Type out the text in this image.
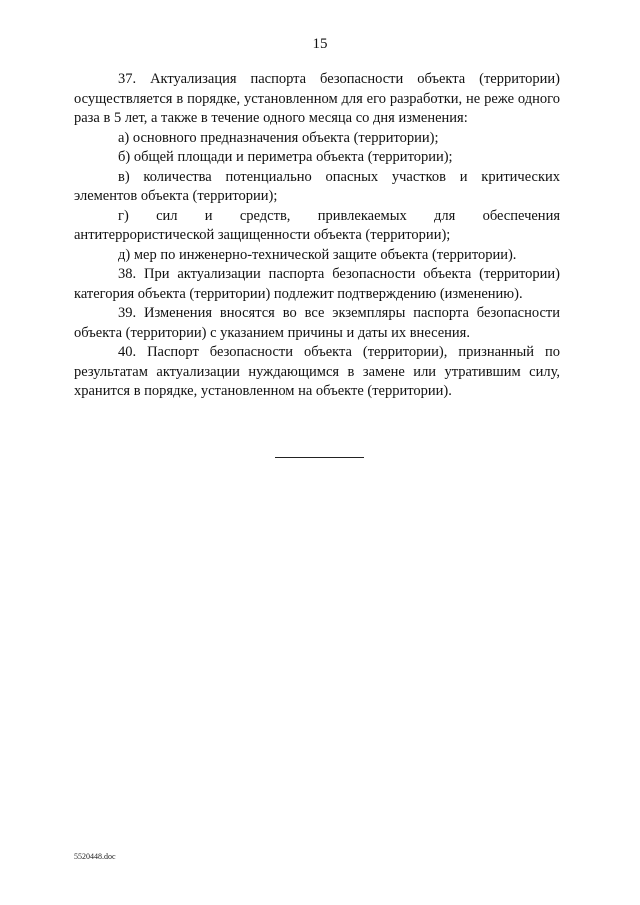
15

37. Актуализация паспорта безопасности объекта (территории) осуществляется в порядке, установленном для его разработки, не реже одного раза в 5 лет, а также в течение одного месяца со дня изменения:

а) основного предназначения объекта (территории);

б) общей площади и периметра объекта (территории);

в) количества потенциально опасных участков и критических элементов объекта (территории);

г) сил и средств, привлекаемых для обеспечения антитеррористической защищенности объекта (территории);

д) мер по инженерно-технической защите объекта (территории).

38. При актуализации паспорта безопасности объекта (территории) категория объекта (территории) подлежит подтверждению (изменению).

39. Изменения вносятся во все экземпляры паспорта безопасности объекта (территории) с указанием причины и даты их внесения.

40. Паспорт безопасности объекта (территории), признанный по результатам актуализации нуждающимся в замене или утратившим силу, хранится в порядке, установленном на объекте (территории).

5520448.doc
